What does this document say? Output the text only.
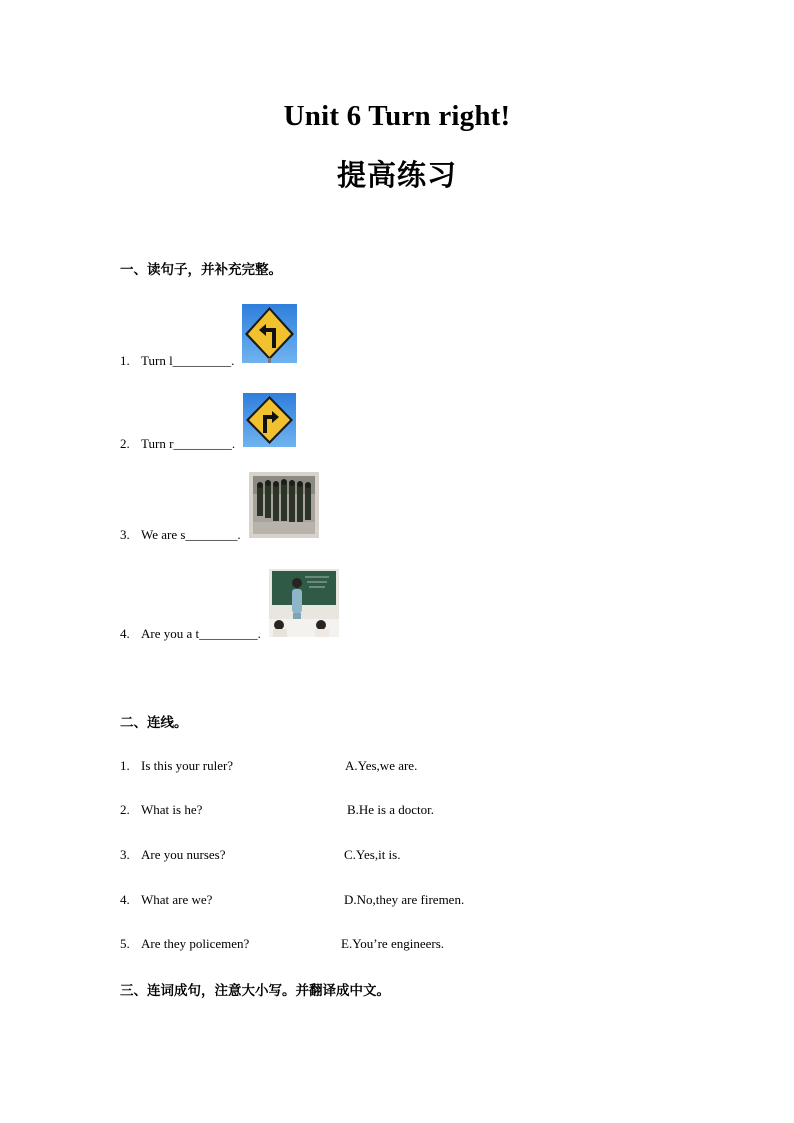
Unit 6 Turn right!
提高练习
一、读句子，并补充完整。
1. Turn l_________.
2. Turn r_________.
3. We are s________.
4. Are you a t_________.
二、连线。
1. Is this your ruler?	A.Yes,we are.
2. What is he?	B.He is a doctor.
3. Are you nurses?	C.Yes,it is.
4. What are we?	D.No,they are firemen.
5. Are they policemen?	E.You’re engineers.
三、连词成句，注意大小写。并翻译成中文。
